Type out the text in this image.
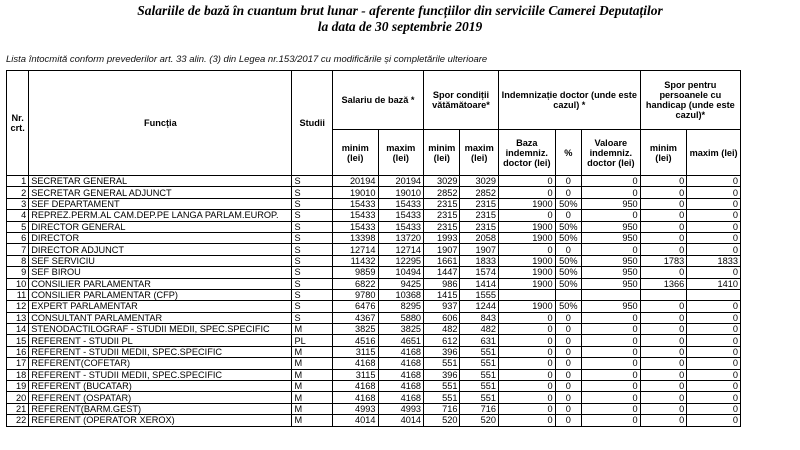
Salariile de bază în cuantum brut lunar - aferente funcțiilor din serviciile Camerei Deputaților
la data de 30 septembrie 2019
Lista întocmită conform prevederilor art. 33 alin. (3) din Legea nr.153/2017 cu modificările și completările ulterioare
Nr. crt.	Funcția	Studii	Salariu de bază *		Spor condiții vătămătoare*		Indemnizație doctor (unde este cazul) *			Spor pentru persoanele cu handicap (unde este cazul)*	
			minim (lei)	maxim (lei)	minim (lei)	maxim (lei)	Baza indemniz. doctor (lei)	%	Valoare indemniz. doctor (lei)	minim (lei)	maxim (lei)
1	SECRETAR GENERAL	S	20194	20194	3029	3029	0	0	0	0	0
2	SECRETAR GENERAL ADJUNCT	S	19010	19010	2852	2852	0	0	0	0	0
3	SEF DEPARTAMENT	S	15433	15433	2315	2315	1900	50%	950	0	0
4	REPREZ.PERM.AL CAM.DEP.PE LANGA PARLAM.EUROP.	S	15433	15433	2315	2315	0	0	0	0	0
5	DIRECTOR GENERAL	S	15433	15433	2315	2315	1900	50%	950	0	0
6	DIRECTOR	S	13398	13720	1993	2058	1900	50%	950	0	0
7	DIRECTOR ADJUNCT	S	12714	12714	1907	1907	0	0	0	0	0
8	SEF SERVICIU	S	11432	12295	1661	1833	1900	50%	950	1783	1833
9	SEF BIROU	S	9859	10494	1447	1574	1900	50%	950	0	0
10	CONSILIER PARLAMENTAR	S	6822	9425	986	1414	1900	50%	950	1366	1410
11	CONSILIER PARLAMENTAR (CFP)	S	9780	10368	1415	1555					
12	EXPERT PARLAMENTAR	S	6476	8295	937	1244	1900	50%	950	0	0
13	CONSULTANT PARLAMENTAR	S	4367	5880	606	843	0	0	0	0	0
14	STENODACTILOGRAF - STUDII MEDII, SPEC.SPECIFIC	M	3825	3825	482	482	0	0	0	0	0
15	REFERENT - STUDII PL	PL	4516	4651	612	631	0	0	0	0	0
16	REFERENT - STUDII MEDII, SPEC.SPECIFIC	M	3115	4168	396	551	0	0	0	0	0
17	REFERENT(COFETAR)	M	4168	4168	551	551	0	0	0	0	0
18	REFERENT - STUDII MEDII, SPEC.SPECIFIC	M	3115	4168	396	551	0	0	0	0	0
19	REFERENT (BUCATAR)	M	4168	4168	551	551	0	0	0	0	0
20	REFERENT (OSPATAR)	M	4168	4168	551	551	0	0	0	0	0
21	REFERENT(BARM.GEST)	M	4993	4993	716	716	0	0	0	0	0
22	REFERENT (OPERATOR XEROX)	M	4014	4014	520	520	0	0	0	0	0
